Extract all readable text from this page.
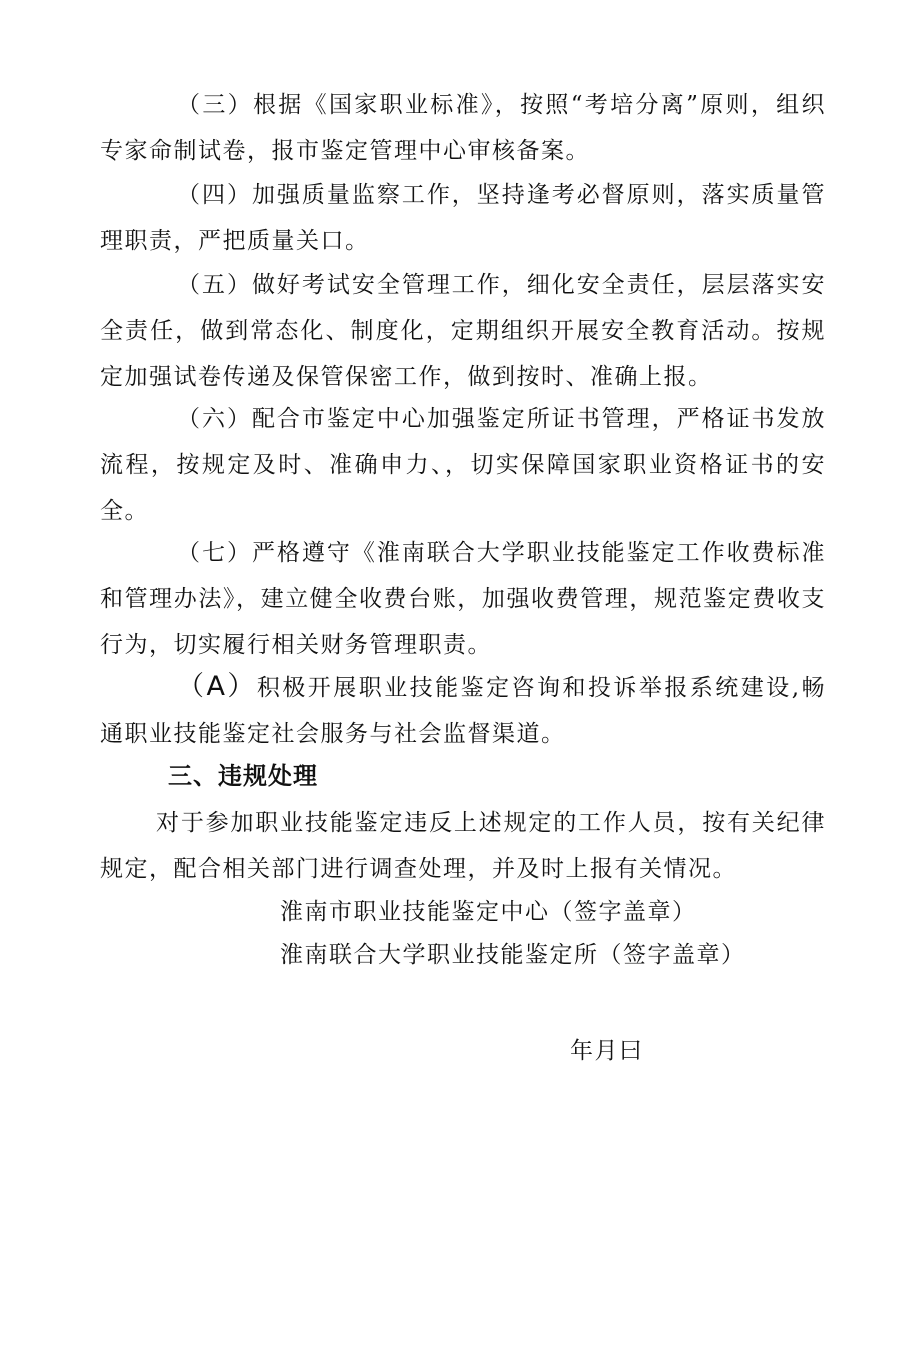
（三）根据《国家职业标准》，按照“考培分离”原则，组织专家命制试卷，报市鉴定管理中心审核备案。

（四）加强质量监察工作，坚持逢考必督原则，落实质量管理职责，严把质量关口。

（五）做好考试安全管理工作，细化安全责任，层层落实安全责任，做到常态化、制度化，定期组织开展安全教育活动。按规定加强试卷传递及保管保密工作，做到按时、准确上报。

（六）配合市鉴定中心加强鉴定所证书管理，严格证书发放流程，按规定及时、准确申力、，切实保障国家职业资格证书的安全。

（七）严格遵守《淮南联合大学职业技能鉴定工作收费标准和管理办法》，建立健全收费台账，加强收费管理，规范鉴定费收支行为，切实履行相关财务管理职责。

（A）积极开展职业技能鉴定咨询和投诉举报系统建设,畅通职业技能鉴定社会服务与社会监督渠道。

三、违规处理

对于参加职业技能鉴定违反上述规定的工作人员，按有关纪律规定，配合相关部门进行调查处理，并及时上报有关情况。

淮南市职业技能鉴定中心（签字盖章）

淮南联合大学职业技能鉴定所（签字盖章）

年月曰
